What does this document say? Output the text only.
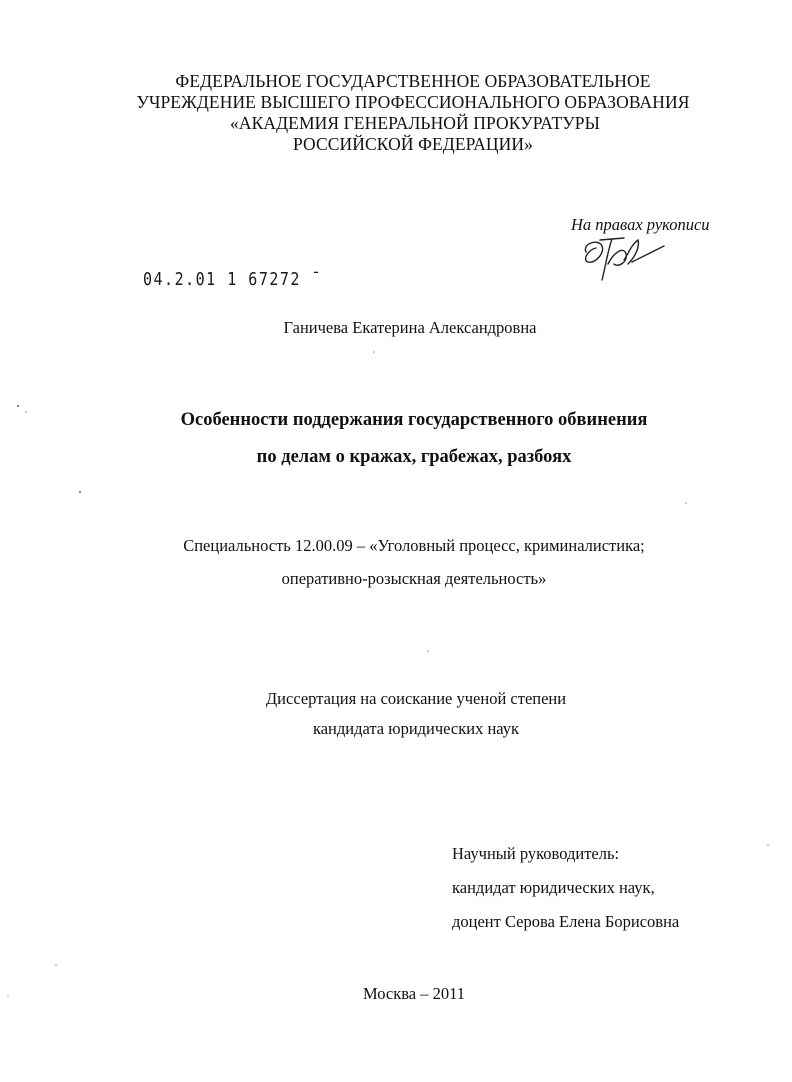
ФЕДЕРАЛЬНОЕ ГОСУДАРСТВЕННОЕ ОБРАЗОВАТЕЛЬНОЕ
УЧРЕЖДЕНИЕ ВЫСШЕГО ПРОФЕССИОНАЛЬНОГО ОБРАЗОВАНИЯ
«АКАДЕМИЯ ГЕНЕРАЛЬНОЙ ПРОКУРАТУРЫ
РОССИЙСКОЙ ФЕДЕРАЦИИ»
На правах рукописи
04.2.01 1 67272 ˉ
Ганичева Екатерина Александровна
Особенности поддержания государственного обвинения
по делам о кражах, грабежах, разбоях
Специальность 12.00.09 – «Уголовный процесс, криминалистика;
оперативно-розыскная деятельность»
Диссертация на соискание ученой степени
кандидата юридических наук
Научный руководитель:
кандидат юридических наук,
доцент Серова Елена Борисовна
Москва – 2011
